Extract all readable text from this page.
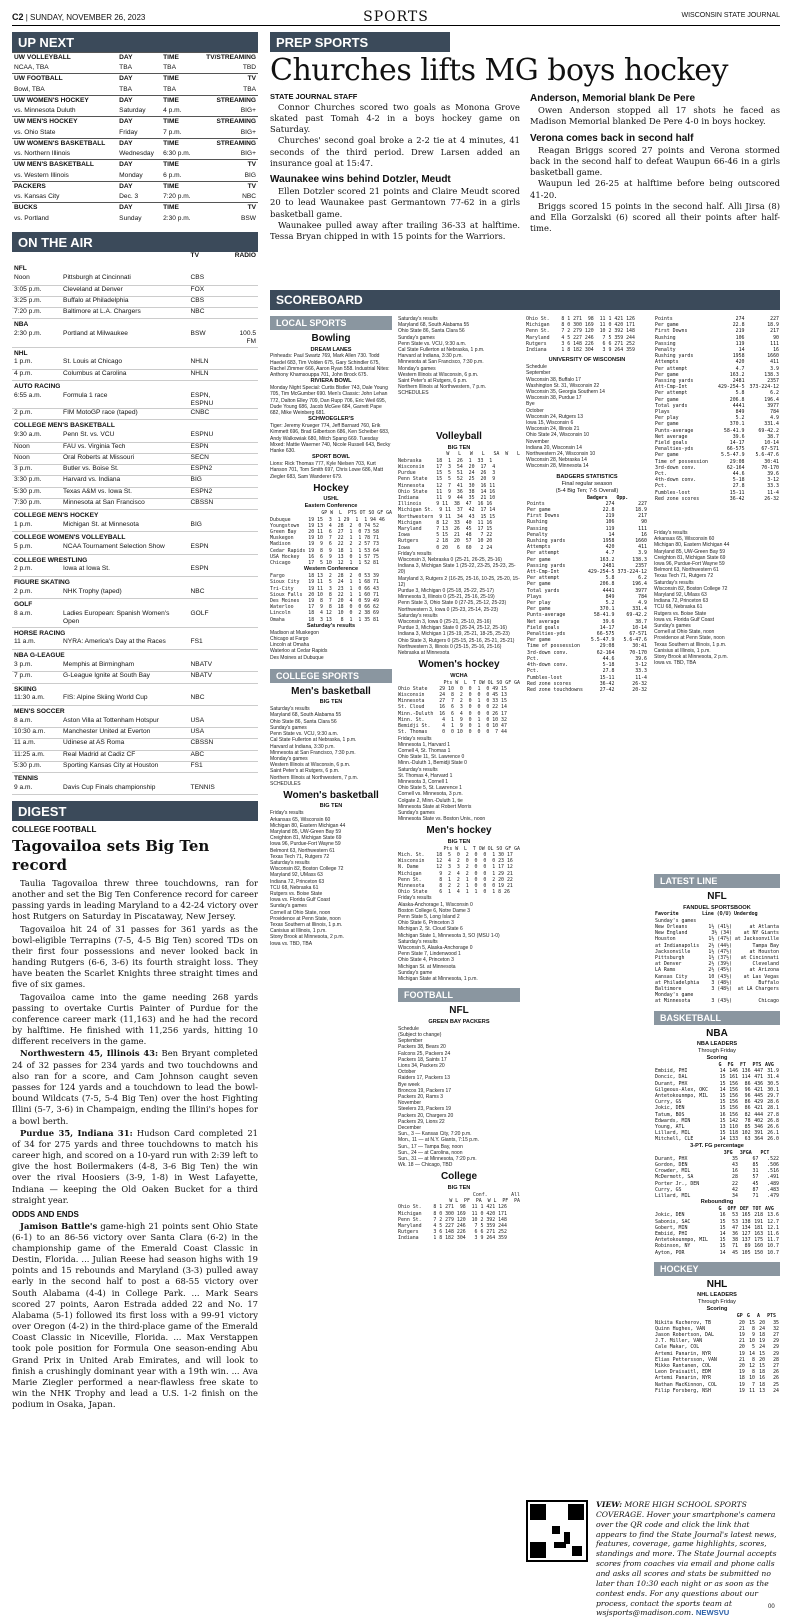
C2 | SUNDAY, NOVEMBER 26, 2023	SPORTS	WISCONSIN STATE JOURNAL
UP NEXT
UW VOLLEYBALL	DAY	TIME	TV/STREAMING
NCAA, TBA	TBA	TBA	TBD
UW FOOTBALL	DAY	TIME	TV
Bowl, TBA	TBA	TBA	TBA
UW WOMEN'S HOCKEY	DAY	TIME	STREAMING
vs. Minnesota Duluth	Saturday	4 p.m.	BIG+
UW MEN'S HOCKEY	DAY	TIME	STREAMING
vs. Ohio State	Friday	7 p.m.	BIG+
UW WOMEN'S BASKETBALL	DAY	TIME	STREAMING
vs. Northern Illinois	Wednesday	6:30 p.m.	BIG+
UW MEN'S BASKETBALL	DAY	TIME	TV
vs. Western Illinois	Monday	6 p.m.	BIG
PACKERS	DAY	TIME	TV
vs. Kansas City	Dec. 3	7:20 p.m.	NBC
BUCKS	DAY	TIME	TV
vs. Portland	Sunday	2:30 p.m.	BSW
ON THE AIR
		TV	RADIO
NFL			
Noon	Pittsburgh at Cincinnati	CBS	
3:05 p.m.	Cleveland at Denver	FOX	
3:25 p.m.	Buffalo at Philadelphia	CBS	
7:20 p.m.	Baltimore at L.A. Chargers	NBC	
NBA			
2:30 p.m.	Portland at Milwaukee	BSW	100.5 FM
NHL			
1 p.m.	St. Louis at Chicago	NHLN	
4 p.m.	Columbus at Carolina	NHLN	
AUTO RACING			
6:55 a.m.	Formula 1 race	ESPN, ESPNU	
2 p.m.	FIM MotoGP race (taped)	CNBC	
COLLEGE MEN'S BASKETBALL			
9:30 a.m.	Penn St. vs. VCU	ESPNU	
Noon	FAU vs. Virginia Tech	ESPN	
Noon	Oral Roberts at Missouri	SECN	
3 p.m.	Butler vs. Boise St.	ESPN2	
3:30 p.m.	Harvard vs. Indiana	BIG	
5:30 p.m.	Texas A&M vs. Iowa St.	ESPN2	
7:30 p.m.	Minnesota at San Francisco	CBSSN	
COLLEGE MEN'S HOCKEY			
1 p.m.	Michigan St. at Minnesota	BIG	
COLLEGE WOMEN'S VOLLEYBALL			
5 p.m.	NCAA Tournament Selection Show	ESPN	
COLLEGE WRESTLING			
2 p.m.	Iowa at Iowa St.	ESPN	
FIGURE SKATING			
2 p.m.	NHK Trophy (taped)	NBC	
GOLF			
8 a.m.	Ladies European: Spanish Women's Open	GOLF	
HORSE RACING			
11 a.m.	NYRA: America's Day at the Races	FS1	
NBA G-LEAGUE			
3 p.m.	Memphis at Birmingham	NBATV	
7 p.m.	G-League Ignite at South Bay	NBATV	
SKIING			
11:30 a.m.	FIS: Alpine Skiing World Cup	NBC	
MEN'S SOCCER			
8 a.m.	Aston Villa at Tottenham Hotspur	USA	
10:30 a.m.	Manchester United at Everton	USA	
11 a.m.	Udinese at AS Roma	CBSSN	
11:25 a.m.	Real Madrid at Cadiz CF	ABC	
5:30 p.m.	Sporting Kansas City at Houston	FS1	
TENNIS			
9 a.m.	Davis Cup Finals championship	TENNIS	
DIGEST
COLLEGE FOOTBALL
Tagovailoa sets Big Ten record

Taulia Tagovailoa threw three touchdowns, ran for another and set the Big Ten Conference record for career passing yards in leading Maryland to a 42-24 victory over host Rutgers on Saturday in Piscataway, New Jersey.

Tagovailoa hit 24 of 31 passes for 361 yards as the bowl-eligible Terrapins (7-5, 4-5 Big Ten) scored TDs on their first four possessions and never looked back in handing Rutgers (6-6, 3-6) its fourth straight loss. They have beaten the Scarlet Knights three straight times and five of six games.

Tagovailoa came into the game needing 268 yards passing to overtake Curtis Painter of Purdue for the conference career mark (11,163) and he had the record by halftime. He finished with 11,256 yards, hitting 10 different receivers in the game.

Northwestern 45, Illinois 43: Ben Bryant completed 24 of 32 passes for 234 yards and two touchdowns and also ran for a score, and Cam Johnson caught seven passes for 124 yards and a touchdown to lead the bowl-bound Wildcats (7-5, 5-4 Big Ten) over the host Fighting Illini (5-7, 3-6) in Champaign, ending the Illini's hopes for a bowl berth.

Purdue 35, Indiana 31: Hudson Card completed 21 of 34 for 275 yards and three touchdowns to match his career high, and scored on a 10-yard run with 2:39 left to give the host Boilermakers (4-8, 3-6 Big Ten) the win over the rival Hoosiers (3-9, 1-8) in West Lafayette, Indiana — keeping the Old Oaken Bucket for a third straight year.

ODDS AND ENDS

Jamison Battle's game-high 21 points sent Ohio State (6-1) to an 86-56 victory over Santa Clara (6-2) in the championship game of the Emerald Coast Classic in Destin, Florida. ... Julian Reese had season highs with 19 points and 15 rebounds and Maryland (3-3) pulled away early in the second half to post a 68-55 victory over South Alabama (4-4) in College Park. ... Mark Sears scored 27 points, Aaron Estrada added 22 and No. 17 Alabama (5-1) followed its first loss with a 99-91 victory over Oregon (4-2) in the third-place game of the Emerald Coast Classic in Niceville, Florida. ... Max Verstappen took pole position for Formula One season-ending Abu Grand Prix in United Arab Emirates, and will look to finish a crushingly dominant year with a 19th win. ... Ava Marie Ziegler performed a near-flawless free skate to win the NHK Trophy and lead a U.S. 1-2 finish on the podium in Osaka, Japan.

PREP SPORTS
Churches lifts MG boys hockey
STATE JOURNAL STAFF

Connor Churches scored two goals as Monona Grove skated past Tomah 4-2 in a boys hockey game on Saturday.

Churches' second goal broke a 2-2 tie at 4 minutes, 41 seconds of the third period. Drew Larsen added an insurance goal at 15:47.

Waunakee wins behind Dotzler, Meudt

Ellen Dotzler scored 21 points and Claire Meudt scored 20 to lead Waunakee past Germantown 77-62 in a girls basketball game.

Waunakee pulled away after trailing 36-33 at halftime. Tessa Bryan chipped in with 15 points for the Warriors.

Anderson, Memorial blank De Pere

Owen Anderson stopped all 17 shots he faced as Madison Memorial blanked De Pere 4-0 in boys hockey.

Verona comes back in second half

Reagan Briggs scored 27 points and Verona stormed back in the second half to defeat Waupun 66-46 in a girls basketball game.

Waupun led 26-25 at halftime before being outscored 41-20.

Briggs scored 15 points in the second half. Alli Jirsa (8) and Ella Gorzalski (6) scored all their points after half-time.

SCOREBOARD
LOCAL SPORTS
Bowling
DREAM LANES
Pinheads: Paul Swartz 769, Mark Allen 730. Todd Haedel 683, Tim Volden 675, Gary Schindler 675, Rachel Zimmer 666, Aaron Ryan 558. Industrial Nites: Anthony Khamsouppa 701, John Brock 675.
RIVIERA BOWL
Monday Night Special: Curtis Bistler 743, Dale Young 705, Tim McGumber 690. Men's Classic: John Lehan 772, Dalton Elley 709, Dan Rupp 706, Eric Weil 695, Dude Young 686, Jacob McGee 684, Garrett Pape 682, Mike Weinberg 681.
SCHWOEGLER'S
Tiger: Jeremy Krueger 774, Jeff Barnard 760, Erik Kimmett 696, Brad Gilbertson 686, Ken Scheiber 683, Andy Walkowiak 680, Mitch Spang 669. Tuesday Mixed: Mattie Waerner 740, Nicole Russell 643, Becky Hanke 630.
SPORT BOWL
Lions: Rick Thomas 777, Kyle Nielsen 703, Kurt Hanson 701, Tom Smith 697, Chris Lowe 686, Matt Ziegler 683, Sam Wanderer 679.
Hockey
USHL
Eastern Conference
GP W  L  PTS OT SO GF GA
Dubuque      19 15  3  1 29  1  1 94 46
Youngstown   19 13  4  28  2  0 74 52
Green Bay    20 11  6  27  1  0 73 58
Muskegon     19 10  7  22  1  1 78 71
Madison      19  9  6  22  2  2 57 73
Cedar Rapids 19  8  9  18  1  1 53 64
USA Hockey   16  6  9  13  0  1 57 75
Chicago      17  5 10  12  1  1 52 81
Western Conference
Fargo        18 13  2  28  2  0 53 39
Sioux City   19 11  5  24  1  1 68 71
Tri-City     19 11  3  23  1  0 66 43
Sioux Falls  20 10  8  22  1  1 60 71
Des Moines   19  8  7  20  4  0 59 49
Waterloo     17  9  8  18  0  0 66 62
Lincoln      18  4 12  10  0  2 38 69
Omaha        18  3 13   8  1  1 35 81
Saturday's results
Madison at Muskegon
Chicago at Fargo
Lincoln at Omaha
Waterloo at Cedar Rapids
Des Moines at Dubuque
COLLEGE SPORTS
Men's basketball
BIG TEN
Saturday's results
Maryland 68, South Alabama 55
Ohio State 86, Santa Clara 56
Sunday's games
Penn State vs. VCU, 9:30 a.m.
Cal State Fullerton at Nebraska, 1 p.m.
Harvard at Indiana, 3:30 p.m.
Minnesota at San Francisco, 7:30 p.m.
Monday's games
Western Illinois at Wisconsin, 6 p.m.
Saint Peter's at Rutgers, 6 p.m.
Northern Illinois at Northwestern, 7 p.m.
SCHEDULES
Women's basketball
BIG TEN
Friday's results
Arkansas 65, Wisconsin 60
Michigan 80, Eastern Michigan 44
Maryland 85, UW-Green Bay 59
Creighton 81, Michigan State 69
Iowa 96, Purdue-Fort Wayne 59
Belmont 63, Northwestern 61
Texas Tech 71, Rutgers 72
Saturday's results
Wisconsin 82, Boston College 72
Maryland 92, UMass 63
Indiana 72, Princeton 63
TCU 68, Nebraska 61
Rutgers vs. Boise State
Iowa vs. Florida Gulf Coast
Sunday's games
Cornell at Ohio State, noon
Providence at Penn State, noon
Texas Southern at Illinois, 1 p.m.
Canisius at Illinois, 1 p.m.
Stony Brook at Minnesota, 2 p.m.
Iowa vs. TBD, TBA
Saturday's results
Maryland 68, South Alabama 55
Ohio State 86, Santa Clara 56
Sunday's games
Penn State vs. VCU, 9:30 a.m.
Cal State Fullerton at Nebraska, 1 p.m.
Harvard at Indiana, 3:30 p.m.
Minnesota at San Francisco, 7:30 p.m.
Monday's games
Western Illinois at Wisconsin, 6 p.m.
Saint Peter's at Rutgers, 6 p.m.
Northern Illinois at Northwestern, 7 p.m.
SCHEDULES
Volleyball
BIG TEN
W   L   W   L   SA  W   L
Nebraska     18  1  26  1  33  1
Wisconsin    17  3  54  20  17  4
Purdue       15  5  51  24  26  3
Penn State   15  5  52  25  20  9
Minnesota    12  7  41  30  16 11
Ohio State   11  9  36  38  14 16
Indiana      11  9  44  35  21 10
Illinois     9 11  38  47  16 16
Michigan St.  9 11  37  42  17 14
Northwestern  9 11  34  43  15 15
Michigan     8 12  33  40  11 16
Maryland     7 13  26  45  17 15
Iowa         5 15  21  48   7 22
Rutgers      2 18  20  57  10 20
Iowa         0 20   6  60   2 24
Friday's results
Wisconsin 3, Nebraska 0 (25-21, 26-25, 25-16)
Indiana 3, Michigan State 1 (25-22, 23-25, 25-23, 25-20)
Maryland 3, Rutgers 2 (16-25, 25-16, 10-25, 25-20, 15-12)
Purdue 3, Michigan 0 (25-18, 25-22, 25-17)
Minnesota 3, Illinois 0 (25-21, 25-16, 25-19)
Penn State 3, Ohio State 0 (27-25, 25-12, 25-23)
Northwestern 3, Iowa 0 (25-23, 25-14, 25-23)
Saturday's results
Wisconsin 3, Iowa 0 (25-21, 25-10, 25-16)
Purdue 3, Michigan State 0 (26-24, 25-12, 25-16)
Indiana 3, Michigan 1 (25-19, 25-21, 18-25, 25-23)
Ohio State 3, Rutgers 0 (25-15, 25-16, 25-21, 25-21)
Northwestern 3, Illinois 0 (25-15, 25-16, 25-16)
Nebraska at Minnesota
Women's hockey
WCHA
Pts W  L  T OW OL SO GF GA
Ohio State    29 10  0  0  1  0 49 15
Wisconsin     24  8  2  0  0  0 45 13
Minnesota     27  7  2  0  1  0 33 15
St. Cloud     16  6  3  0  0  0 22 14
Minn.-Duluth  16  6  4  0  0  0 26 17
Minn. St.      4  1  9  0  1  0 10 32
Bemidji St.    4  1  9  0  1  0 10 47
St. Thomas     0  0 10  0  0  0  7 44
Friday's results
Minnesota 1, Harvard 1
Cornell 4, St. Thomas 1
Ohio State 11, St. Lawrence 0
Minn.-Duluth 1, Bemidji State 0
Saturday's results
St. Thomas 4, Harvard 1
Minnesota 3, Cornell 1
Ohio State 5, St. Lawrence 1
Cornell vs. Minnesota, 3 p.m.
Colgate 2, Minn.-Duluth 1, tie
Minnesota State at Robert Morris
Sunday's games
Minnesota State vs. Boston Univ., noon
Men's hockey
BIG TEN
Pts W  L  T OW OL SO GF GA
Mich. St.    18  5  0  2  0  0  1 30 17
Wisconsin    12  4  2  0  0  0  0 23 16
N. Dame      12  3  3  2  0  0  1 17 12
Michigan      9  2  4  2  0  0  1 29 21
Penn St.      8  1  2  1  0  0  2 20 22
Minnesota     8  2  2  1  0  0  0 19 21
Ohio State    6  1  4  1  1  0  1 8 26
Friday's results
Alaska-Anchorage 1, Wisconsin 0
Boston College 6, Notre Dame 3
Penn State 5, Long Island 2
Ohio State 6, Princeton 3
Michigan 2, St. Cloud State 6
Michigan State 1, Minnesota 3, SO (MSU 1-0)
Saturday's results
Wisconsin 5, Alaska-Anchorage 0
Penn State 7, Lindenwood 1
Ohio State 4, Princeton 3
Michigan St. at Minnesota
Sunday's game
Michigan State at Minnesota, 1 p.m.
FOOTBALL
NFL
GREEN BAY PACKERS
Schedule
(Subject to change)
September
Packers 38, Bears 20
Falcons 25, Packers 24
Packers 18, Saints 17
Lions 34, Packers 20
October
Raiders 17, Packers 13
Bye week
Broncos 19, Packers 17
Packers 20, Rams 3
November
Steelers 23, Packers 19
Packers 20, Chargers 20
Packers 29, Lions 22
December
Sun., 3 — Kansas City, 7:20 p.m.
Mon., 11 — at N.Y. Giants, 7:15 p.m.
Sun., 17 — Tampa Bay, noon
Sun., 24 — at Carolina, noon
Sun., 31 — at Minnesota, 7:20 p.m.
Wk. 18 — Chicago, TBD
College
BIG TEN
Conf.        All
W L  PF  PA  W L  PF  PA
Ohio St.    8 1 271  98  11 1 421 126
Michigan    8 0 300 169  11 0 420 171
Penn St.    7 2 279 120  10 2 392 148
Maryland    4 5 227 246   7 5 359 244
Rutgers     3 6 148 226   6 6 271 252
Indiana     1 8 182 304   3 9 264 359
Ohio St.    8 1 271  98  11 1 421 126
Michigan    8 0 300 169  11 0 420 171
Penn St.    7 2 279 120  10 2 392 148
Maryland    4 5 227 246   7 5 359 244
Rutgers     3 6 148 226   6 6 271 252
Indiana     1 8 182 304   3 9 264 359
UNIVERSITY OF WISCONSIN
Schedule
September
Wisconsin 38, Buffalo 17
Washington St. 31, Wisconsin 22
Wisconsin 35, Georgia Southern 14
Wisconsin 38, Purdue 17
Bye
October
Wisconsin 24, Rutgers 13
Iowa 15, Wisconsin 6
Wisconsin 24, Illinois 21
Ohio State 24, Wisconsin 10
November
Indiana 20, Wisconsin 14
Northwestern 24, Wisconsin 10
Wisconsin 28, Nebraska 14
Wisconsin 28, Minnesota 14
BADGERS STATISTICS
Final regular season
(5-4 Big Ten; 7-5 Overall)
	Badgers	Opp.
Points	274	227
Per game	22.8	18.9
First Downs	219	217
Rushing	106	90
Passing	119	111
Penalty	14	16
Rushing yards	1958	1660
Attempts	420	411
Per attempt	4.7	3.9
Per game	163.2	138.3
Passing yards	2481	2357
Att-Cmp-Int	429-254-5	373-224-12
Per attempt	5.8	6.2
Per game	206.8	196.4
Total yards	4441	3977
Plays	849	784
Per play	5.2	4.9
Per game	370.1	331.4
Punts-average	58-41.9	69-42.2
Net average	39.6	38.7
Field goals	14-17	10-14
Penalties-yds	66-575	67-571
Per game	5.5-47.9	5.6-47.6
Time of possession	29:08	30:41
3rd-down conv.	62-164	70-170
Pct.	44.6	39.6
4th-down conv.	5-18	3-12
Pct.	27.8	33.3
Fumbles-lost	15-11	11-4
Red zone scores	36-42	26-32
Red zone touchdowns	27-42	20-32
Points	274	227
Per game	22.8	18.9
First Downs	219	217
Rushing	106	90
Passing	119	111
Penalty	14	16
Rushing yards	1958	1660
Attempts	420	411
Per attempt	4.7	3.9
Per game	163.2	138.3
Passing yards	2481	2357
Att-Cmp-Int	429-254-5	373-224-12
Per attempt	5.8	6.2
Per game	206.8	196.4
Total yards	4441	3977
Plays	849	784
Per play	5.2	4.9
Per game	370.1	331.4
Punts-average	58-41.9	69-42.2
Net average	39.6	38.7
Field goals	14-17	10-14
Penalties-yds	66-575	67-571
Per game	5.5-47.9	5.6-47.6
Time of possession	29:08	30:41
3rd-down conv.	62-164	70-170
Pct.	44.6	39.6
4th-down conv.	5-18	3-12
Pct.	27.8	33.3
Fumbles-lost	15-11	11-4
Red zone scores	36-42	26-32
Friday's results
Arkansas 65, Wisconsin 60
Michigan 80, Eastern Michigan 44
Maryland 85, UW-Green Bay 59
Creighton 81, Michigan State 69
Iowa 96, Purdue-Fort Wayne 59
Belmont 63, Northwestern 61
Texas Tech 71, Rutgers 72
Saturday's results
Wisconsin 82, Boston College 72
Maryland 92, UMass 63
Indiana 72, Princeton 63
TCU 68, Nebraska 61
Rutgers vs. Boise State
Iowa vs. Florida Gulf Coast
Sunday's games
Cornell at Ohio State, noon
Providence at Penn State, noon
Texas Southern at Illinois, 1 p.m.
Canisius at Illinois, 1 p.m.
Stony Brook at Minnesota, 2 p.m.
Iowa vs. TBD, TBA
LATEST LINE
NFL
FANDUEL SPORTSBOOK
Favorite	Line (O/U)	Underdog
Sunday's games		
New Orleans	1½ (41½)	at Atlanta
New England	3½ (34)	at NY Giants
Houston	1½ (47½)	at Jacksonville
at Indianapolis	2½ (44½)	Tampa Bay
Jacksonville	1½ (47½)	at Houston
Pittsburgh	1½ (37½)	at Cincinnati
at Denver	2½ (39½)	Cleveland
LA Rams	2½ (45½)	at Arizona
Kansas City	10 (43½)	at Las Vegas
at Philadelphia	3 (48½)	Buffalo
Baltimore	3 (48½)	at LA Chargers
Monday's game		
at Minnesota	3 (43½)	Chicago
BASKETBALL
NBA
NBA LEADERS
Through Friday
Scoring
	G	FG	FT	PTS	AVG
Embiid, PHI	14	146	136	447	31.9
Doncic, DAL	15	161	114	471	31.4
Durant, PHX	15	156	86	436	30.5
Gilgeous-Alex, OKC	14	156	96	421	30.1
Antetokounmpo, MIL	15	156	96	445	29.7
Curry, GS	15	156	86	429	28.6
Jokic, DEN	15	156	86	421	28.1
Tatum, BOS	16	156	82	444	27.8
Edwards, MIN	15	142	78	402	26.8
Young, ATL	13	110	85	346	26.6
Lillard, MIL	15	118	102	391	26.1
Mitchell, CLE	14	133	63	364	26.0
3-PT. FG percentage
	3FG	3FGA	PCT
Durant, PHX	35	67	.522
Gordon, DEN	43	85	.506
Crowder, MIL	16	31	.516
McDermott, SA	28	57	.491
Porter Jr., DEN	22	45	.489
Curry, GS	42	87	.483
Lillard, MIL	34	71	.479
Rebounding
	G	OFF	DEF	TOT	AVG
Jokic, DEN	16	53	165	218	13.6
Sabonis, SAC	15	53	138	191	12.7
Gobert, MIN	15	47	134	181	12.1
Embiid, PHI	14	36	127	163	11.6
Antetokounmpo, MIL	15	38	137	175	11.7
Robinson, NY	15	71	89	160	10.7
Ayton, POR	14	45	105	150	10.7
HOCKEY
NHL
NHL LEADERS
Through Friday
Scoring
	GP	G	A	PTS
Nikita Kucherov, TB	20	15	20	35
Quinn Hughes, VAN	21	8	24	32
Jason Robertson, DAL	19	9	18	27
J.T. Miller, VAN	21	10	19	29
Cale Makar, COL	20	5	24	29
Artemi Panarin, NYR	19	14	15	29
Elias Pettersson, VAN	21	8	20	28
Mikko Rantanen, COL	20	12	15	27
Leon Draisaitl, EDM	19	8	18	26
Artemi Panarin, NYR	18	10	16	26
Nathan MacKinnon, COL	19	7	18	25
Filip Forsberg, NSH	19	11	13	24
VIEW: MORE HIGH SCHOOL SPORTS COVERAGE. Hover your smartphone's camera over the QR code and click the link that appears to find the State Journal's latest news, features, coverage, game highlights, scores, standings and more. The State Journal accepts scores from coaches via email and phone calls and asks all scores and stats be submitted no later than 10:30 each night or as soon as the contest ends. For any questions about our process, contact the sports team at wsjsports@madison.com. NEWSVU
00
